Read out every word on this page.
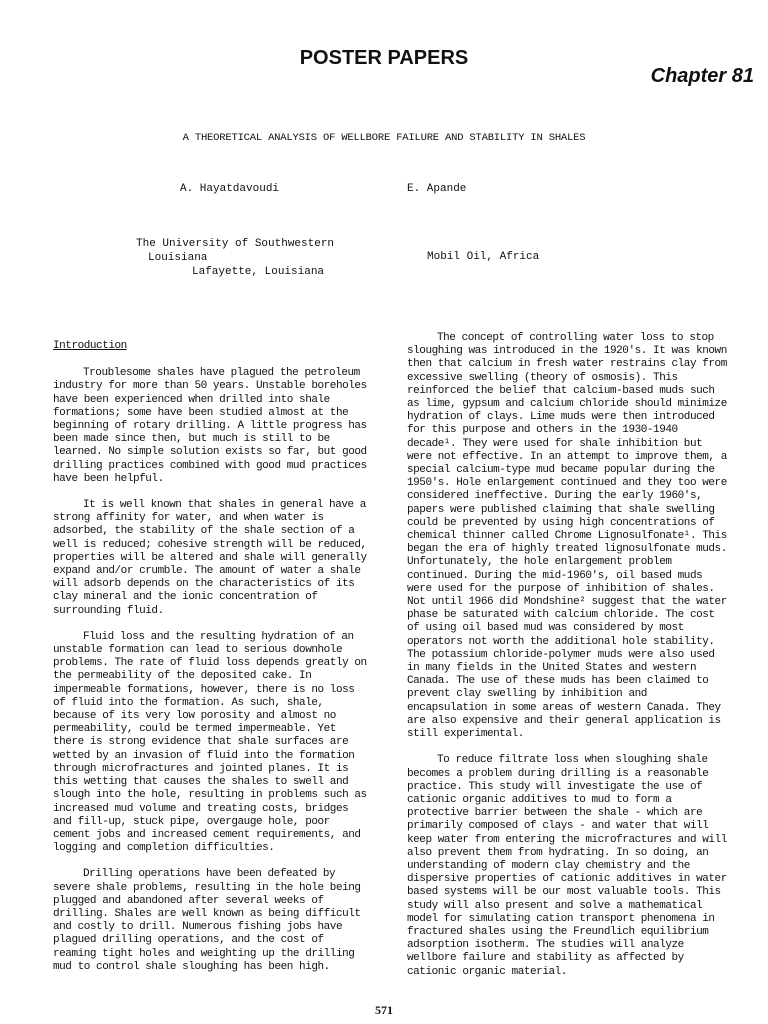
POSTER PAPERS
Chapter 81
A THEORETICAL ANALYSIS OF WELLBORE FAILURE AND STABILITY IN SHALES
A. Hayatdavoudi	E. Apande
The University of Southwestern
Louisiana
Lafayette, Louisiana
Mobil Oil, Africa
Introduction

Troublesome shales have plagued the petroleum industry for more than 50 years. Unstable boreholes have been experienced when drilled into shale formations; some have been studied almost at the beginning of rotary drilling. A little progress has been made since then, but much is still to be learned. No simple solution exists so far, but good drilling practices combined with good mud practices have been helpful.

It is well known that shales in general have a strong affinity for water, and when water is adsorbed, the stability of the shale section of a well is reduced; cohesive strength will be reduced, properties will be altered and shale will generally expand and/or crumble. The amount of water a shale will adsorb depends on the characteristics of its clay mineral and the ionic concentration of surrounding fluid.

Fluid loss and the resulting hydration of an unstable formation can lead to serious downhole problems. The rate of fluid loss depends greatly on the permeability of the deposited cake. In impermeable formations, however, there is no loss of fluid into the formation. As such, shale, because of its very low porosity and almost no permeability, could be termed impermeable. Yet there is strong evidence that shale surfaces are wetted by an invasion of fluid into the formation through microfractures and jointed planes. It is this wetting that causes the shales to swell and slough into the hole, resulting in problems such as increased mud volume and treating costs, bridges and fill-up, stuck pipe, overgauge hole, poor cement jobs and increased cement requirements, and logging and completion difficulties.

Drilling operations have been defeated by severe shale problems, resulting in the hole being plugged and abandoned after several weeks of drilling. Shales are well known as being difficult and costly to drill. Numerous fishing jobs have plagued drilling operations, and the cost of reaming tight holes and weighting up the drilling mud to control shale sloughing has been high.

The concept of controlling water loss to stop sloughing was introduced in the 1920's. It was known then that calcium in fresh water restrains clay from excessive swelling (theory of osmosis). This reinforced the belief that calcium-based muds such as lime, gypsum and calcium chloride should minimize hydration of clays. Lime muds were then introduced for this purpose and others in the 1930-1940 decade¹. They were used for shale inhibition but were not effective. In an attempt to improve them, a special calcium-type mud became popular during the 1950's. Hole enlargement continued and they too were considered ineffective. During the early 1960's, papers were published claiming that shale swelling could be prevented by using high concentrations of chemical thinner called Chrome Lignosulfonate¹. This began the era of highly treated lignosulfonate muds. Unfortunately, the hole enlargement problem continued. During the mid-1960's, oil based muds were used for the purpose of inhibition of shales. Not until 1966 did Mondshine² suggest that the water phase be saturated with calcium chloride. The cost of using oil based mud was considered by most operators not worth the additional hole stability. The potassium chloride-polymer muds were also used in many fields in the United States and western Canada. The use of these muds has been claimed to prevent clay swelling by inhibition and encapsulation in some areas of western Canada. They are also expensive and their general application is still experimental.

To reduce filtrate loss when sloughing shale becomes a problem during drilling is a reasonable practice. This study will investigate the use of cationic organic additives to mud to form a protective barrier between the shale - which are primarily composed of clays - and water that will keep water from entering the microfractures and will also prevent them from hydrating. In so doing, an understanding of modern clay chemistry and the dispersive properties of cationic additives in water based systems will be our most valuable tools. This study will also present and solve a mathematical model for simulating cation transport phenomena in fractured shales using the Freundlich equilibrium adsorption isotherm. The studies will analyze wellbore failure and stability as affected by cationic organic material.

571
